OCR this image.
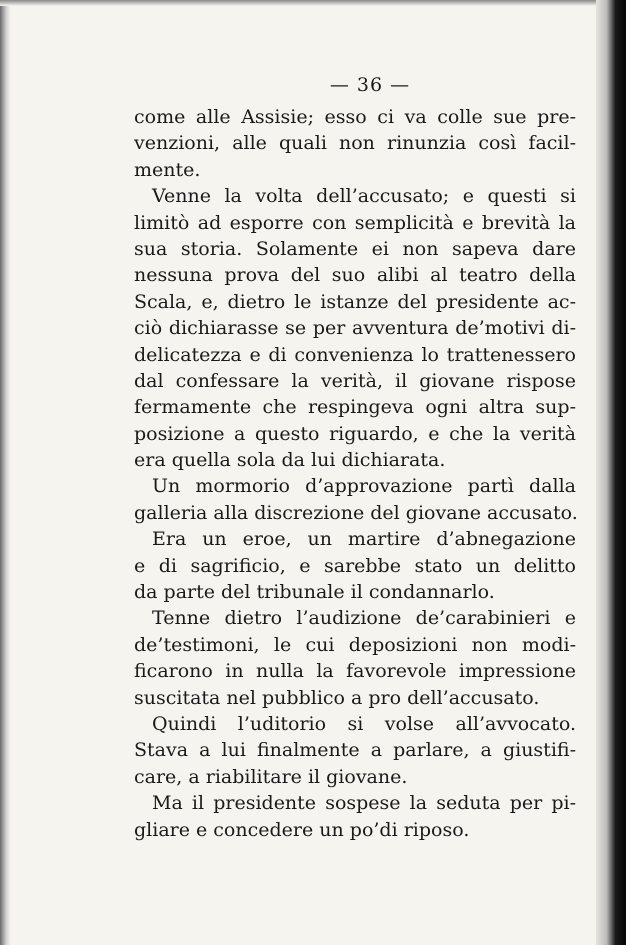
— 36 —
come alle Assisie; esso ci va colle sue pre-
venzioni, alle quali non rinunzia così facil-
mente.
Venne la volta dell’accusato; e questi si
limitò ad esporre con semplicità e brevità la
sua storia. Solamente ei non sapeva dare
nessuna prova del suo alibi al teatro della
Scala, e, dietro le istanze del presidente ac-
ciò dichiarasse se per avventura de’motivi di-
delicatezza e di convenienza lo trattenessero
dal confessare la verità, il giovane rispose
fermamente che respingeva ogni altra sup-
posizione a questo riguardo, e che la verità
era quella sola da lui dichiarata.
Un mormorio d’approvazione partì dalla
galleria alla discrezione del giovane accusato.
Era un eroe, un martire d’abnegazione
e di sagrificio, e sarebbe stato un delitto
da parte del tribunale il condannarlo.
Tenne dietro l’audizione de’carabinieri e
de’testimoni, le cui deposizioni non modi-
ficarono in nulla la favorevole impressione
suscitata nel pubblico a pro dell’accusato.
Quindi l’uditorio si volse all’avvocato.
Stava a lui finalmente a parlare, a giustifi-
care, a riabilitare il giovane.
Ma il presidente sospese la seduta per pi-
gliare e concedere un po’di riposo.
